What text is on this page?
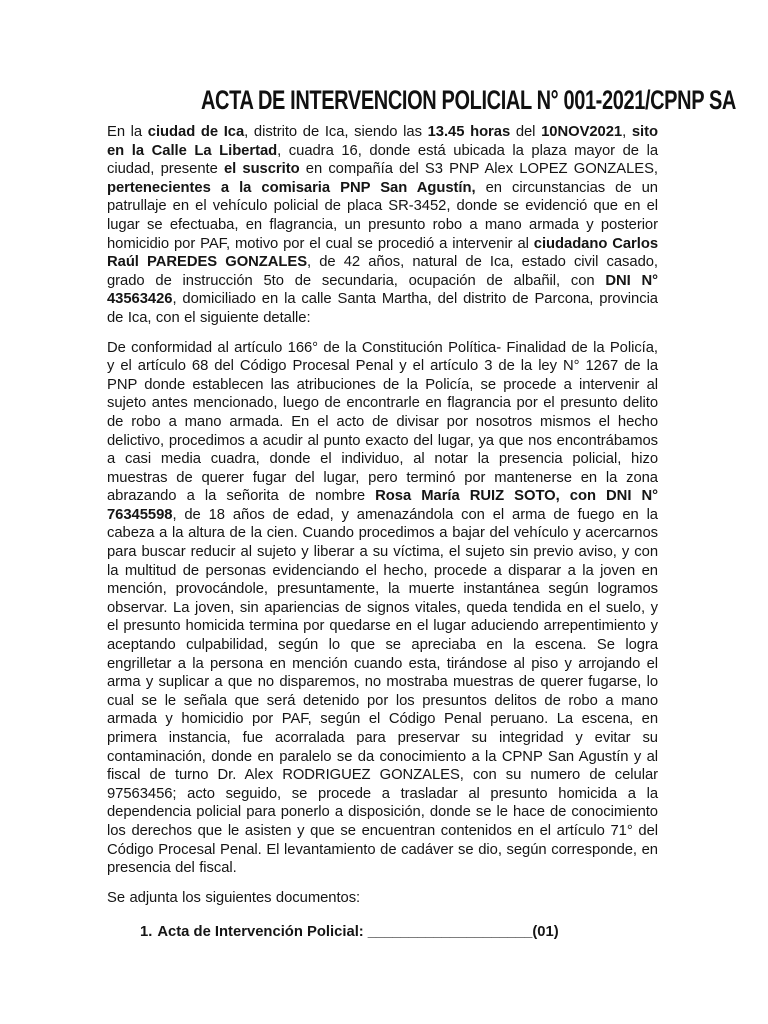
ACTA DE INTERVENCION POLICIAL N° 001-2021/CPNP SA

En la ciudad de Ica, distrito de Ica, siendo las 13.45 horas del 10NOV2021, sito en la Calle La Libertad, cuadra 16, donde está ubicada la plaza mayor de la ciudad, presente el suscrito en compañía del S3 PNP Alex LOPEZ GONZALES, pertenecientes a la comisaria PNP San Agustín, en circunstancias de un patrullaje en el vehículo policial de placa SR-3452, donde se evidenció que en el lugar se efectuaba, en flagrancia, un presunto robo a mano armada y posterior homicidio por PAF, motivo por el cual se procedió a intervenir al ciudadano Carlos Raúl PAREDES GONZALES, de 42 años, natural de Ica, estado civil casado, grado de instrucción 5to de secundaria, ocupación de albañil, con DNI N° 43563426, domiciliado en la calle Santa Martha, del distrito de Parcona, provincia de Ica, con el siguiente detalle:

De conformidad al artículo 166° de la Constitución Política- Finalidad de la Policía, y el artículo 68 del Código Procesal Penal y el artículo 3 de la ley N° 1267 de la PNP donde establecen las atribuciones de la Policía, se procede a intervenir al sujeto antes mencionado, luego de encontrarle en flagrancia por el presunto delito de robo a mano armada. En el acto de divisar por nosotros mismos el hecho delictivo, procedimos a acudir al punto exacto del lugar, ya que nos encontrábamos a casi media cuadra, donde el individuo, al notar la presencia policial, hizo muestras de querer fugar del lugar, pero terminó por mantenerse en la zona abrazando a la señorita de nombre Rosa María RUIZ SOTO, con DNI N° 76345598, de 18 años de edad, y amenazándola con el arma de fuego en la cabeza a la altura de la cien. Cuando procedimos a bajar del vehículo y acercarnos para buscar reducir al sujeto y liberar a su víctima, el sujeto sin previo aviso, y con la multitud de personas evidenciando el hecho, procede a disparar a la joven en mención, provocándole, presuntamente, la muerte instantánea según logramos observar. La joven, sin apariencias de signos vitales, queda tendida en el suelo, y el presunto homicida termina por quedarse en el lugar aduciendo arrepentimiento y aceptando culpabilidad, según lo que se apreciaba en la escena. Se logra engrilletar a la persona en mención cuando esta, tirándose al piso y arrojando el arma y suplicar a que no disparemos, no mostraba muestras de querer fugarse, lo cual se le señala que será detenido por los presuntos delitos de robo a mano armada y homicidio por PAF, según el Código Penal peruano. La escena, en primera instancia, fue acorralada para preservar su integridad y evitar su contaminación, donde en paralelo se da conocimiento a la CPNP San Agustín y al fiscal de turno Dr. Alex RODRIGUEZ GONZALES, con su numero de celular 97563456; acto seguido, se procede a trasladar al presunto homicida a la dependencia policial para ponerlo a disposición, donde se le hace de conocimiento los derechos que le asisten y que se encuentran contenidos en el artículo 71° del Código Procesal Penal. El levantamiento de cadáver se dio, según corresponde, en presencia del fiscal.

Se adjunta los siguientes documentos:

1. Acta de Intervención Policial: ____________________(01)
